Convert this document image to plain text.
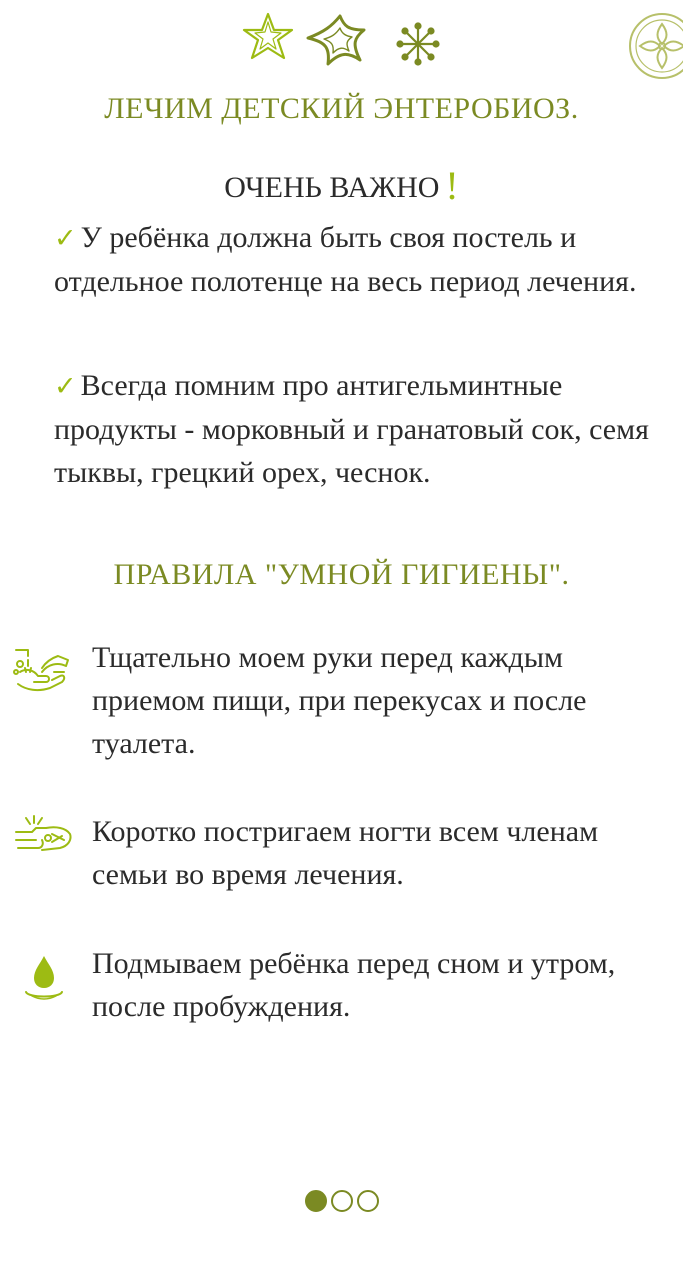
ЛЕЧИМ ДЕТСКИЙ ЭНТЕРОБИОЗ.
ОЧЕНЬ ВАЖНО !

✓ У ребёнка должна быть своя постель и отдельное полотенце на весь период лечения.

✓ Всегда помним про антигельминтные продукты - морковный и гранатовый сок, семя тыквы, грецкий орех, чеснок.

ПРАВИЛА "УМНОЙ ГИГИЕНЫ".

Тщательно моем руки перед каждым приемом пищи, при перекусах и после туалета.

Коротко постригаем ногти всем членам семьи во время лечения.

Подмываем ребёнка перед сном и утром, после пробуждения.
